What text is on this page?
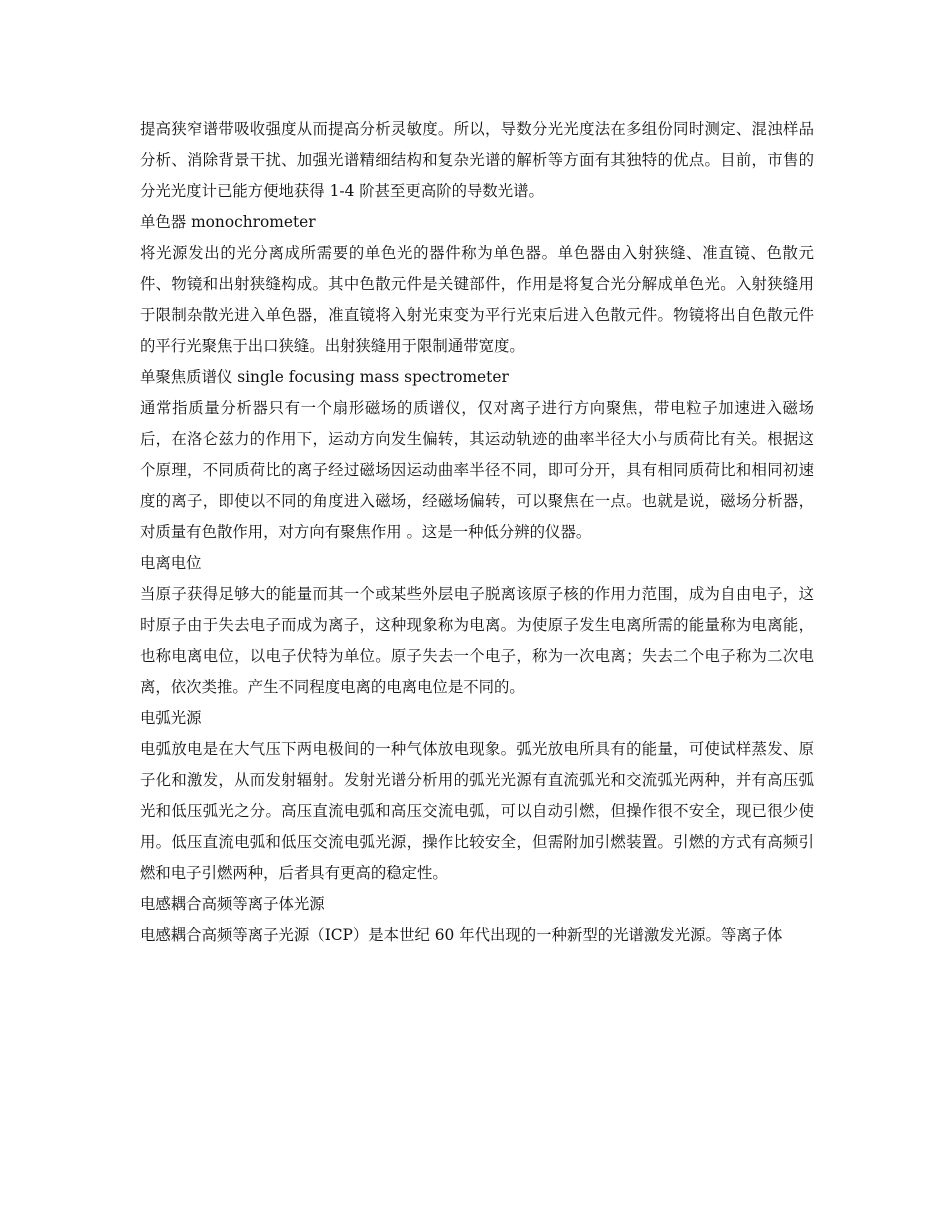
提高狭窄谱带吸收强度从而提高分析灵敏度。所以，导数分光光度法在多组份同时测定、混浊样品分析、消除背景干扰、加强光谱精细结构和复杂光谱的解析等方面有其独特的优点。目前，市售的分光光度计已能方便地获得 1-4 阶甚至更高阶的导数光谱。

单色器 monochrometer

将光源发出的光分离成所需要的单色光的器件称为单色器。单色器由入射狭缝、准直镜、色散元件、物镜和出射狭缝构成。其中色散元件是关键部件，作用是将复合光分解成单色光。入射狭缝用于限制杂散光进入单色器，准直镜将入射光束变为平行光束后进入色散元件。物镜将出自色散元件的平行光聚焦于出口狭缝。出射狭缝用于限制通带宽度。

单聚焦质谱仪 single focusing mass spectrometer

通常指质量分析器只有一个扇形磁场的质谱仪，仅对离子进行方向聚焦，带电粒子加速进入磁场后，在洛仑兹力的作用下，运动方向发生偏转，其运动轨迹的曲率半径大小与质荷比有关。根据这个原理，不同质荷比的离子经过磁场因运动曲率半径不同，即可分开，具有相同质荷比和相同初速度的离子，即使以不同的角度进入磁场，经磁场偏转，可以聚焦在一点。也就是说，磁场分析器，对质量有色散作用，对方向有聚焦作用 。这是一种低分辨的仪器。

电离电位

当原子获得足够大的能量而其一个或某些外层电子脱离该原子核的作用力范围，成为自由电子，这时原子由于失去电子而成为离子，这种现象称为电离。为使原子发生电离所需的能量称为电离能，也称电离电位，以电子伏特为单位。原子失去一个电子，称为一次电离；失去二个电子称为二次电离，依次类推。产生不同程度电离的电离电位是不同的。

电弧光源

电弧放电是在大气压下两电极间的一种气体放电现象。弧光放电所具有的能量，可使试样蒸发、原子化和激发，从而发射辐射。发射光谱分析用的弧光光源有直流弧光和交流弧光两种，并有高压弧光和低压弧光之分。高压直流电弧和高压交流电弧，可以自动引燃，但操作很不安全，现已很少使用。低压直流电弧和低压交流电弧光源，操作比较安全，但需附加引燃装置。引燃的方式有高频引燃和电子引燃两种，后者具有更高的稳定性。

电感耦合高频等离子体光源

电感耦合高频等离子光源（ICP）是本世纪 60 年代出现的一种新型的光谱激发光源。等离子体
